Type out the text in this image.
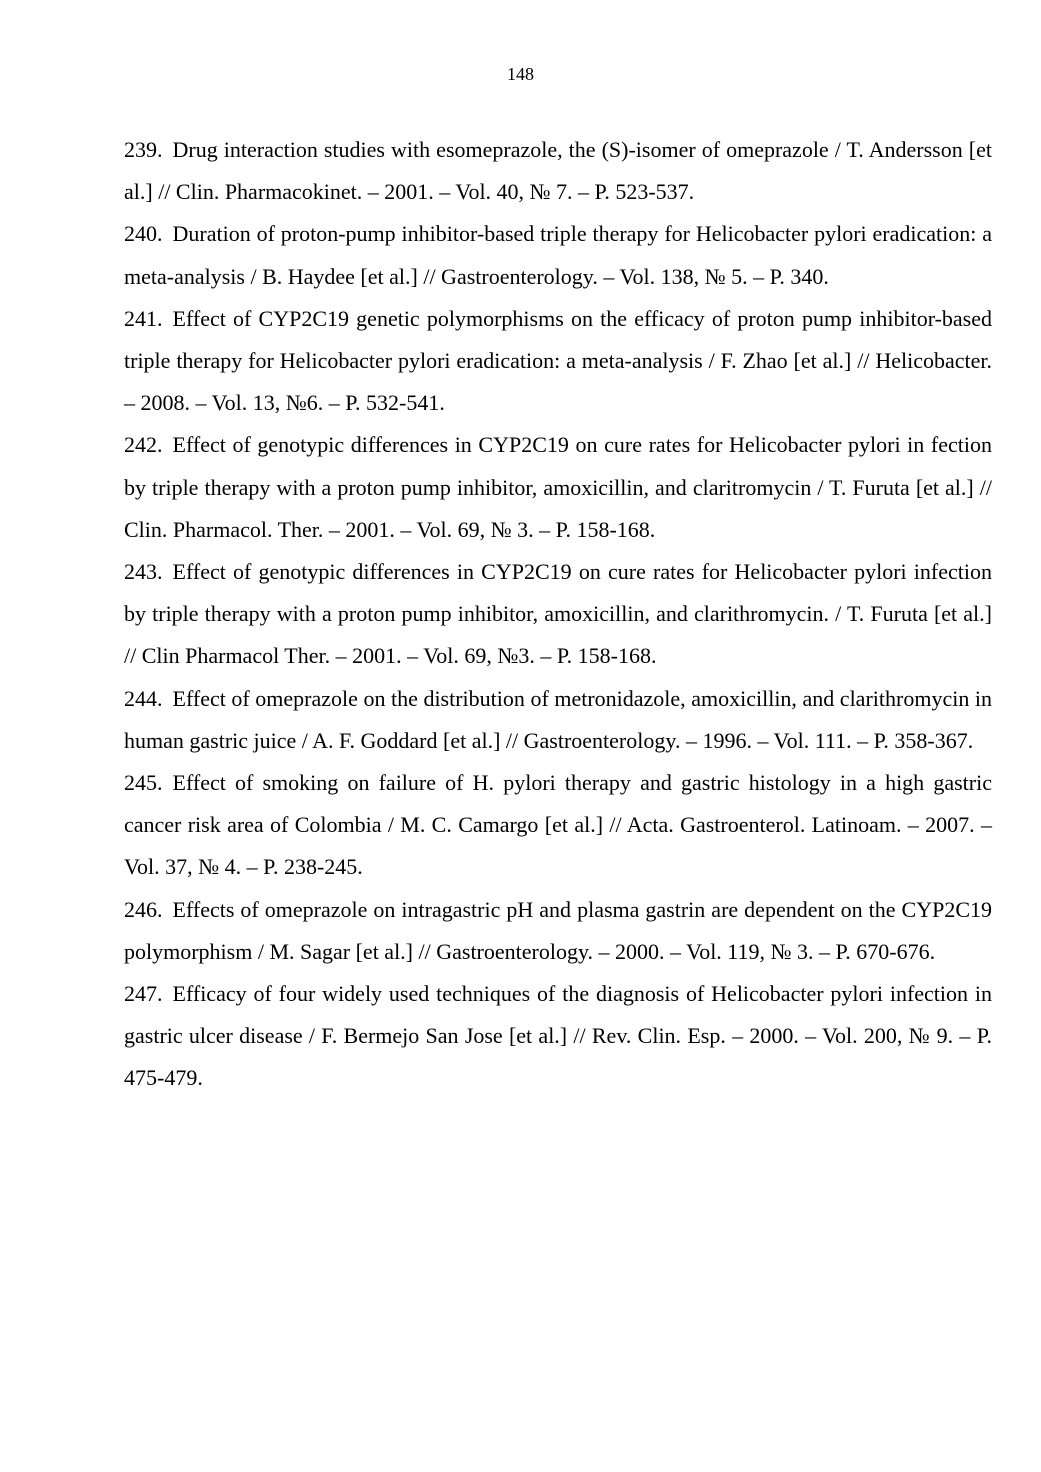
148
239. Drug interaction studies with esomeprazole, the (S)-isomer of omeprazole / T. Andersson [et al.] // Clin. Pharmacokinet. – 2001. – Vol. 40, № 7. – P. 523-537.
240. Duration of proton-pump inhibitor-based triple therapy for Helicobacter pylori eradication: a meta-analysis / B. Haydee [et al.] // Gastroenterology. – Vol. 138, № 5. – P. 340.
241. Effect of CYP2C19 genetic polymorphisms on the efficacy of proton pump inhibitor-based triple therapy for Helicobacter pylori eradication: a meta-analysis / F. Zhao [et al.] // Helicobacter. – 2008. – Vol. 13, №6. – P. 532-541.
242. Effect of genotypic differences in CYP2C19 on cure rates for Helicobacter pylori in fection by triple therapy with a proton pump inhibitor, amoxicillin, and claritromycin / T. Furuta [et al.] // Clin. Pharmacol. Ther. – 2001. – Vol. 69, № 3. – P. 158-168.
243. Effect of genotypic differences in CYP2C19 on cure rates for Helicobacter pylori infection by triple therapy with a proton pump inhibitor, amoxicillin, and clarithromycin. / T. Furuta [et al.] // Clin Pharmacol Ther. – 2001. – Vol. 69, №3. – P. 158-168.
244. Effect of omeprazole on the distribution of metronidazole, amoxicillin, and clarithromycin in human gastric juice / A. F. Goddard [et al.] // Gastroenterology. – 1996. – Vol. 111. – P. 358-367.
245. Effect of smoking on failure of H. pylori therapy and gastric histology in a high gastric cancer risk area of Colombia / M. C. Camargo [et al.] // Acta. Gastroenterol. Latinoam. – 2007. – Vol. 37, № 4. – P. 238-245.
246. Effects of omeprazole on intragastric pH and plasma gastrin are dependent on the CYP2C19 polymorphism / M. Sagar [et al.] // Gastroenterology. – 2000. – Vol. 119, № 3. – P. 670-676.
247. Efficacy of four widely used techniques of the diagnosis of Helicobacter pylori infection in gastric ulcer disease / F. Bermejo San Jose [et al.] // Rev. Clin. Esp. – 2000. – Vol. 200, № 9. – P. 475-479.
